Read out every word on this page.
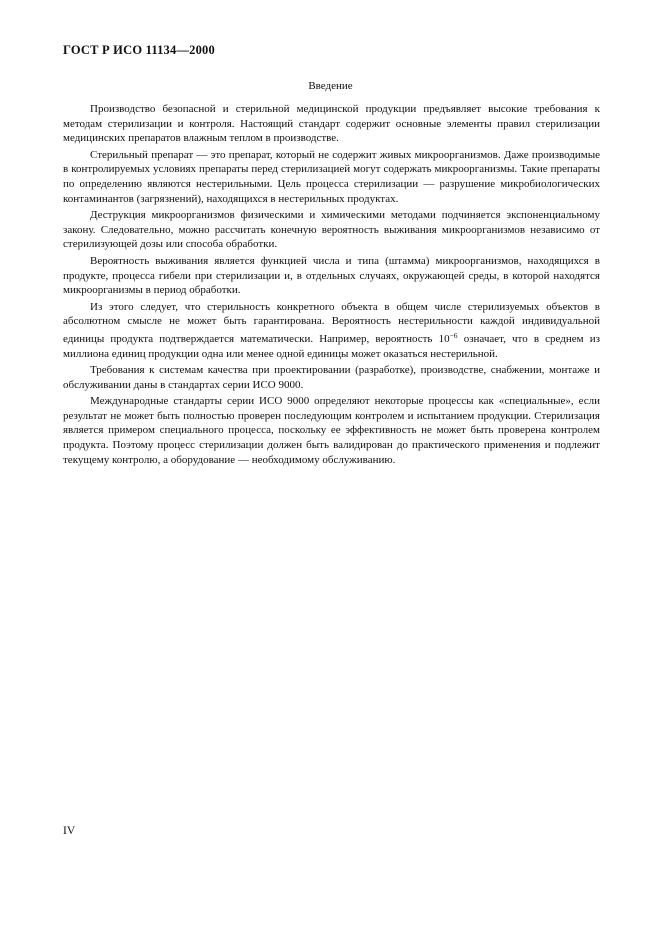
ГОСТ Р ИСО 11134—2000
Введение

Производство безопасной и стерильной медицинской продукции предъявляет высокие требования к методам стерилизации и контроля. Настоящий стандарт содержит основные элементы правил стерилизации медицинских препаратов влажным теплом в производстве.

Стерильный препарат — это препарат, который не содержит живых микроорганизмов. Даже производимые в контролируемых условиях препараты перед стерилизацией могут содержать микроорганизмы. Такие препараты по определению являются нестерильными. Цель процесса стерилизации — разрушение микробиологических контаминантов (загрязнений), находящихся в нестерильных продуктах.

Деструкция микроорганизмов физическими и химическими методами подчиняется экспоненциальному закону. Следовательно, можно рассчитать конечную вероятность выживания микроорганизмов независимо от стерилизующей дозы или способа обработки.

Вероятность выживания является функцией числа и типа (штамма) микроорганизмов, находящихся в продукте, процесса гибели при стерилизации и, в отдельных случаях, окружающей среды, в которой находятся микроорганизмы в период обработки.

Из этого следует, что стерильность конкретного объекта в общем числе стерилизуемых объектов в абсолютном смысле не может быть гарантирована. Вероятность нестерильности каждой индивидуальной единицы продукта подтверждается математически. Например, вероятность $10^{-6}$ означает, что в среднем из миллиона единиц продукции одна или менее одной единицы может оказаться нестерильной.

Требования к системам качества при проектировании (разработке), производстве, снабжении, монтаже и обслуживании даны в стандартах серии ИСО 9000.

Международные стандарты серии ИСО 9000 определяют некоторые процессы как «специальные», если результат не может быть полностью проверен последующим контролем и испытанием продукции. Стерилизация является примером специального процесса, поскольку ее эффективность не может быть проверена контролем продукта. Поэтому процесс стерилизации должен быть валидирован до практического применения и подлежит текущему контролю, а оборудование — необходимому обслуживанию.

IV
